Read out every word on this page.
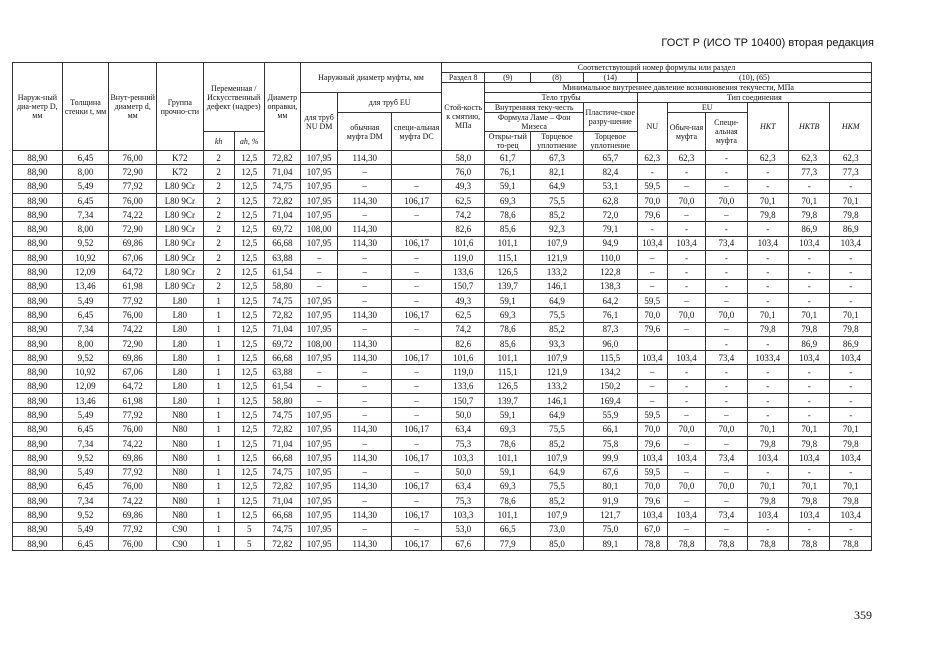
ГОСТ Р (ИСО ТР 10400) вторая редакция
Наруж-ный диа-метр D, мм	Толщина стенки t, мм	Внут-ренний диаметр d, мм	Группа прочно-сти	Переменная /Искусственный дефект (надрез)		Диаметр оправки, мм	Наружный диаметр муфты, мм			Соответствующий номер формулы или раздел									
										Раздел 8	(9)	(8)	(14)	(10), (65)					
										Стой-кость к смятию, МПа	Минимальное внутреннее давление возникновения текучести, МПа								
							для труб NU DM	для труб EU			Тело трубы			Тип соединения					
											Внутренняя теку-честь		Пластиче-ское разру-шение	NU	EU		НКТ	НКТВ	НКМ
								обычная муфта DM	специ-альная муфта DC		Формула Ламе – Фон Мизеса				Обыч-ная муфта	Специ-альная муфта			
				kh	ah, %						Откры-тый то-рец	Торцевое уплотнение	Торцевое уплотнение						
88,90	6,45	76,00	K72	2	12,5	72,82	107,95	114,30		58,0	61,7	67,3	65,7	62,3	62,3	-	62,3	62,3	62,3
88,90	8,00	72,90	K72	2	12,5	71,04	107,95	–		76,0	76,1	82,1	82,4	-	-	-	-	77,3	77,3
88,90	5,49	77,92	L80 9Cr	2	12,5	74,75	107,95	–	–	49,3	59,1	64,9	53,1	59,5	–	–	-	-	-
88,90	6,45	76,00	L80 9Cr	2	12,5	72,82	107,95	114,30	106,17	62,5	69,3	75,5	62,8	70,0	70,0	70,0	70,1	70,1	70,1
88,90	7,34	74,22	L80 9Cr	2	12,5	71,04	107,95	–	–	74,2	78,6	85,2	72,0	79,6	–	–	79,8	79,8	79,8
88,90	8,00	72,90	L80 9Cr	2	12,5	69,72	108,00	114,30		82,6	85,6	92,3	79,1	-	-	-	-	86,9	86,9
88,90	9,52	69,86	L80 9Cr	2	12,5	66,68	107,95	114,30	106,17	101,6	101,1	107,9	94,9	103,4	103,4	73,4	103,4	103,4	103,4
88,90	10,92	67,06	L80 9Cr	2	12,5	63,88	–	–	–	119,0	115,1	121,9	110,0	–	-	-	-	-	-
88,90	12,09	64,72	L80 9Cr	2	12,5	61,54	–	–	–	133,6	126,5	133,2	122,8	–	-	-	-	-	-
88,90	13,46	61,98	L80 9Cr	2	12,5	58,80	–	–	–	150,7	139,7	146,1	138,3	–	-	-	-	-	-
88,90	5,49	77,92	L80	1	12,5	74,75	107,95	–	–	49,3	59,1	64,9	64,2	59,5	–	–	-	-	-
88,90	6,45	76,00	L80	1	12,5	72,82	107,95	114,30	106,17	62,5	69,3	75,5	76,1	70,0	70,0	70,0	70,1	70,1	70,1
88,90	7,34	74,22	L80	1	12,5	71,04	107,95	–	–	74,2	78,6	85,2	87,3	79,6	–	–	79,8	79,8	79,8
88,90	8,00	72,90	L80	1	12,5	69,72	108,00	114,30		82,6	85,6	93,3	96,0			-	-	86,9	86,9
88,90	9,52	69,86	L80	1	12,5	66,68	107,95	114,30	106,17	101,6	101,1	107,9	115,5	103,4	103,4	73,4	1033,4	103,4	103,4
88,90	10,92	67,06	L80	1	12,5	63,88	–	–	–	119,0	115,1	121,9	134,2	–	-	-	-	-	-
88,90	12,09	64,72	L80	1	12,5	61,54	–	–	–	133,6	126,5	133,2	150,2	–	-	-	-	-	-
88,90	13,46	61,98	L80	1	12,5	58,80	–	–	–	150,7	139,7	146,1	169,4	–	-	-	-	-	-
88,90	5,49	77,92	N80	1	12,5	74,75	107,95	–	–	50,0	59,1	64,9	55,9	59,5	–	–	-	-	-
88,90	6,45	76,00	N80	1	12,5	72,82	107,95	114,30	106,17	63,4	69,3	75,5	66,1	70,0	70,0	70,0	70,1	70,1	70,1
88,90	7,34	74,22	N80	1	12,5	71,04	107,95	–	–	75,3	78,6	85,2	75,8	79,6	–	–	79,8	79,8	79,8
88,90	9,52	69,86	N80	1	12,5	66,68	107,95	114,30	106,17	103,3	101,1	107,9	99,9	103,4	103,4	73,4	103,4	103,4	103,4
88,90	5,49	77,92	N80	1	12,5	74,75	107,95	–	–	50,0	59,1	64,9	67,6	59,5	–	–	-	-	-
88,90	6,45	76,00	N80	1	12,5	72,82	107,95	114,30	106,17	63,4	69,3	75,5	80,1	70,0	70,0	70,0	70,1	70,1	70,1
88,90	7,34	74,22	N80	1	12,5	71,04	107,95	–	–	75,3	78,6	85,2	91,9	79,6	–	–	79,8	79,8	79,8
88,90	9,52	69,86	N80	1	12,5	66,68	107,95	114,30	106,17	103,3	101,1	107,9	121,7	103,4	103,4	73,4	103,4	103,4	103,4
88,90	5,49	77,92	C90	1	5	74,75	107,95	–	–	53,0	66,5	73,0	75,0	67,0	–	–	-	-	-
88,90	6,45	76,00	C90	1	5	72,82	107,95	114,30	106,17	67,6	77,9	85,0	89,1	78,8	78,8	78,8	78,8	78,8	78,8
359
